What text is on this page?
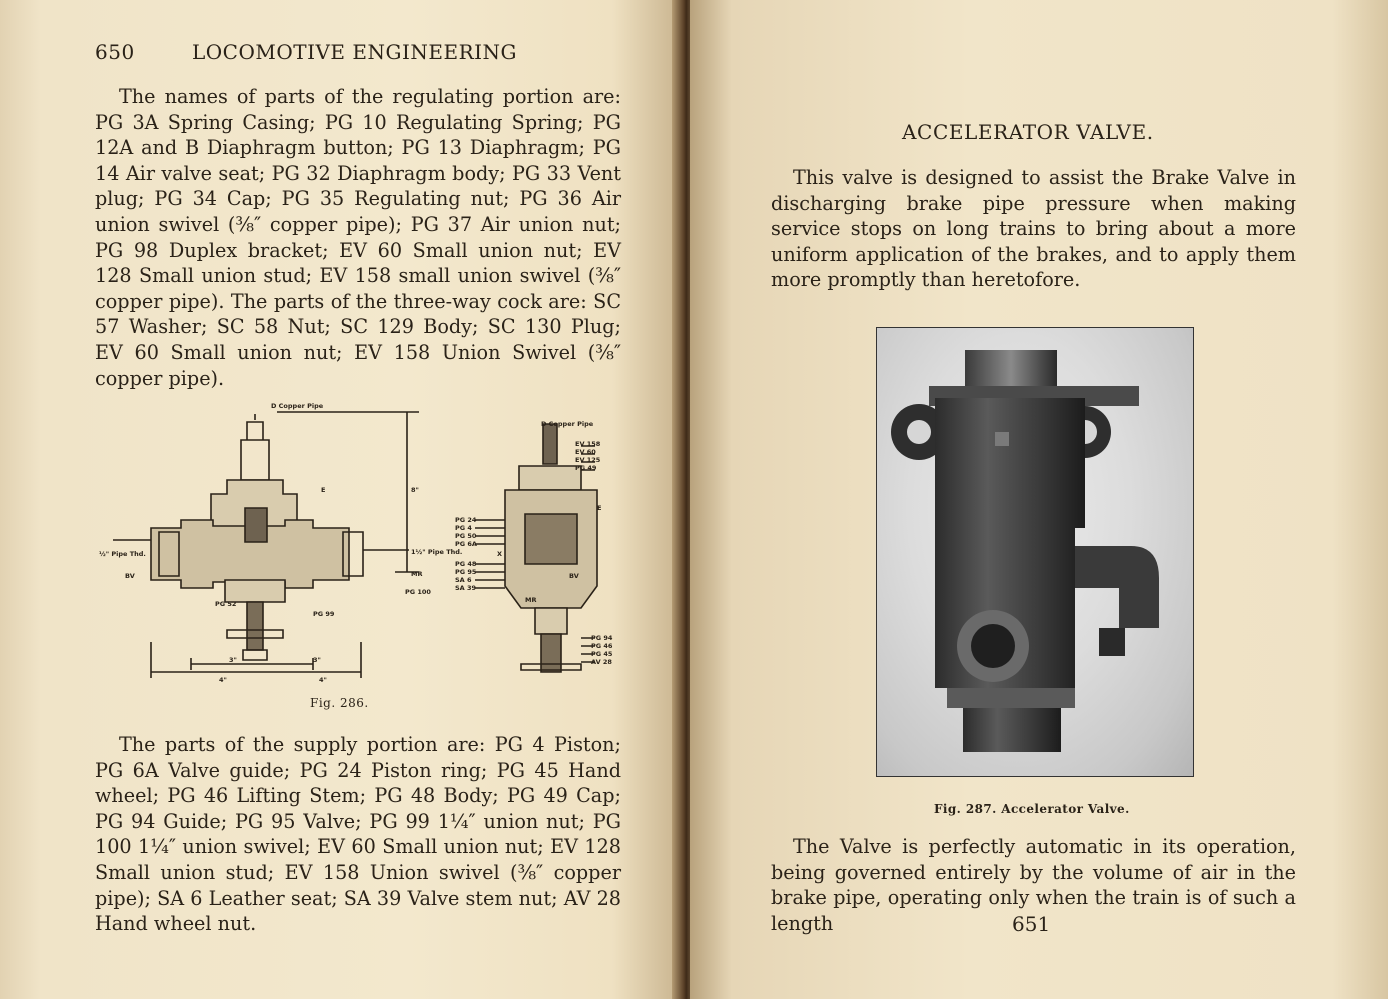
650	LOCOMOTIVE ENGINEERING
The names of parts of the regulating portion are: PG 3A Spring Casing; PG 10 Regulating Spring; PG 12A and B Diaphragm button; PG 13 Diaphragm; PG 14 Air valve seat; PG 32 Diaphragm body; PG 33 Vent plug; PG 34 Cap; PG 35 Regulating nut; PG 36 Air union swivel (⅜″ copper pipe); PG 37 Air union nut; PG 98 Duplex bracket; EV 60 Small union nut; EV 128 Small union stud; EV 158 small union swivel (⅜″ copper pipe). The parts of the three-way cock are: SC 57 Washer; SC 58 Nut; SC 129 Body; SC 130 Plug; EV 60 Small union nut; EV 158 Union Swivel (⅜″ copper pipe).
D Copper Pipe
D Copper Pipe
½" Pipe Thd.	1½" Pipe Thd.
BV	MR
E
PG 52
PG 99
PG 100
3"	3"
4"	4"
8"
EV 158
EV 60
EV 125
PG 49
E
PG 24
PG 4
PG 50
PG 6A
X
PG 48
PG 95
SA 6
SA 39
BV
MR
PG 94
PG 46
PG 45
AV 28
Fig. 286.
The parts of the supply portion are: PG 4 Piston; PG 6A Valve guide; PG 24 Piston ring; PG 45 Hand wheel; PG 46 Lifting Stem; PG 48 Body; PG 49 Cap; PG 94 Guide; PG 95 Valve; PG 99 1¼″ union nut; PG 100 1¼″ union swivel; EV 60 Small union nut; EV 128 Small union stud; EV 158 Union swivel (⅜″ copper pipe); SA 6 Leather seat; SA 39 Valve stem nut; AV 28 Hand wheel nut.
ACCELERATOR VALVE.
This valve is designed to assist the Brake Valve in discharging brake pipe pressure when making service stops on long trains to bring about a more uniform application of the brakes, and to apply them more promptly than heretofore.
Fig. 287. Accelerator Valve.
The Valve is perfectly automatic in its operation, being governed entirely by the volume of air in the brake pipe, operating only when the train is of such a length	651
